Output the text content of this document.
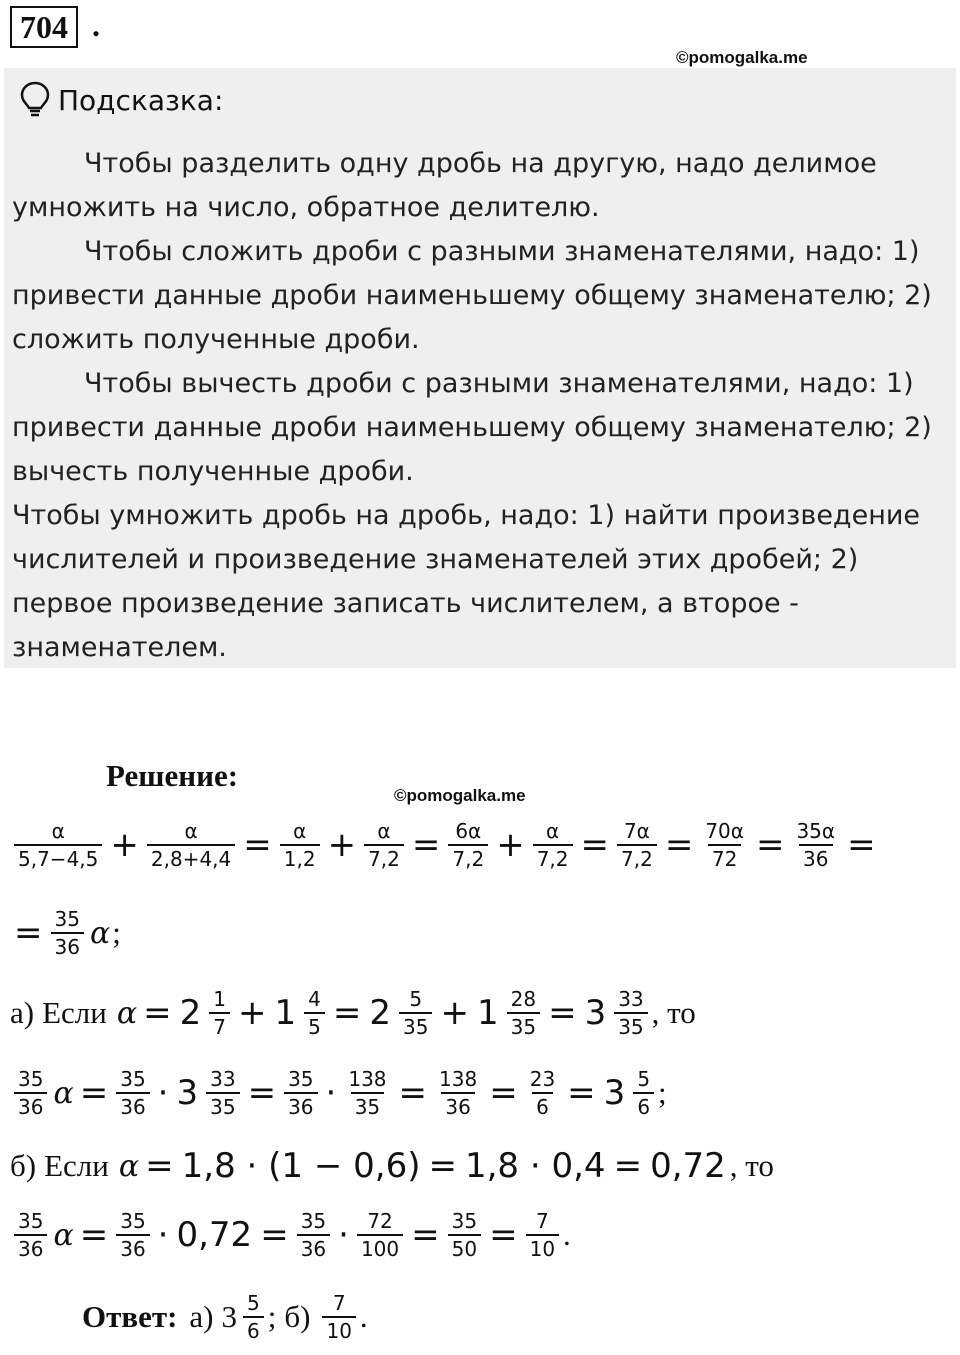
704 .
©pomogalka.me
Подсказка:

Чтобы разделить одну дробь на другую, надо делимое умножить на число, обратное делителю.

Чтобы сложить дроби с разными знаменателями, надо: 1) привести данные дроби наименьшему общему знаменателю; 2) сложить полученные дроби.

Чтобы вычесть дроби с разными знаменателями, надо: 1) привести данные дроби наименьшему общему знаменателю; 2) вычесть полученные дроби.

Чтобы умножить дробь на дробь, надо: 1) найти произведение числителей и произведение знаменателей этих дробей; 2) первое произведение записать числителем, а второе - знаменателем.

Решение:
©pomogalka.me
$\frac{\alpha}{5,7-4,5} + \frac{\alpha}{2,8+4,4} = \frac{\alpha}{1,2} + \frac{\alpha}{7,2} = \frac{6\alpha}{7,2} + \frac{\alpha}{7,2} = \frac{7\alpha}{7,2} = \frac{70\alpha}{72} = \frac{35\alpha}{36}$ =
= $\frac{35}{36}$ α ;
а) Если $\alpha = 2 \frac{1}{7} + 1 \frac{4}{5} = 2 \frac{5}{35} + 1 \frac{28}{35} = 3 \frac{33}{35}$ , то
$\frac{35}{36}$ $\alpha = \frac{35}{36} \cdot 3 \frac{33}{35} = \frac{35}{36} \cdot \frac{138}{35} = \frac{138}{36} = \frac{23}{6} = 3 \frac{5}{6}$ ;
б) Если α = 1,8 · (1 − 0,6) = 1,8 · 0,4 = 0,72 , то
$\frac{35}{36}$ $\alpha = \frac{35}{36} \cdot 0,72 = \frac{35}{36} \cdot \frac{72}{100} = \frac{35}{50} = \frac{7}{10}$ .
Ответ: а) $3 \frac{5}{6}$ ; $б) \frac{7}{10}$ .
